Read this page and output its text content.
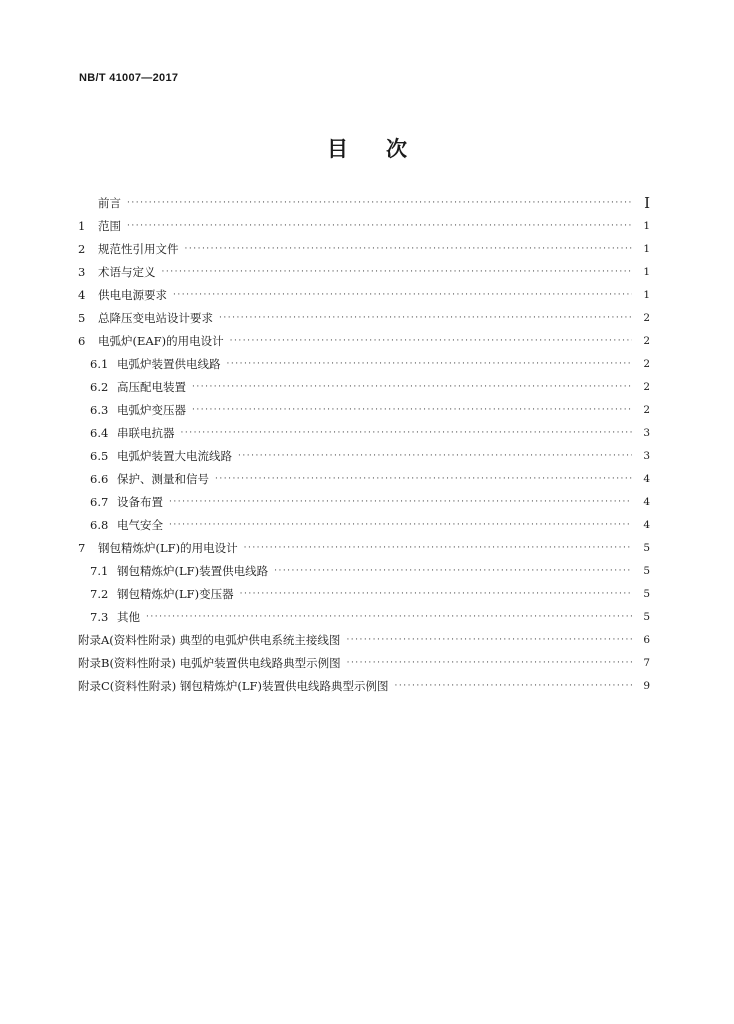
NB/T 41007—2017
目次
前言 ·····	I
1	范围 ·····	1
2	规范性引用文件 ·····	1
3	术语与定义 ·····	1
4	供电电源要求 ·····	1
5	总降压变电站设计要求 ·····	2
6	电弧炉(EAF)的用电设计 ·····	2
6.1 电弧炉装置供电线路 ·····	2
6.2 高压配电装置 ·····	2
6.3 电弧炉变压器 ·····	2
6.4 串联电抗器 ·····	3
6.5 电弧炉装置大电流线路 ·····	3
6.6 保护、测量和信号 ·····	4
6.7 设备布置 ·····	4
6.8 电气安全 ·····	4
7	钢包精炼炉(LF)的用电设计 ·····	5
7.1 钢包精炼炉(LF)装置供电线路 ·····	5
7.2 钢包精炼炉(LF)变压器 ·····	5
7.3 其他 ·····	5
附录A(资料性附录) 典型的电弧炉供电系统主接线图 ·····	6
附录B(资料性附录) 电弧炉装置供电线路典型示例图 ·····	7
附录C(资料性附录) 钢包精炼炉(LF)装置供电线路典型示例图 ·····	9
